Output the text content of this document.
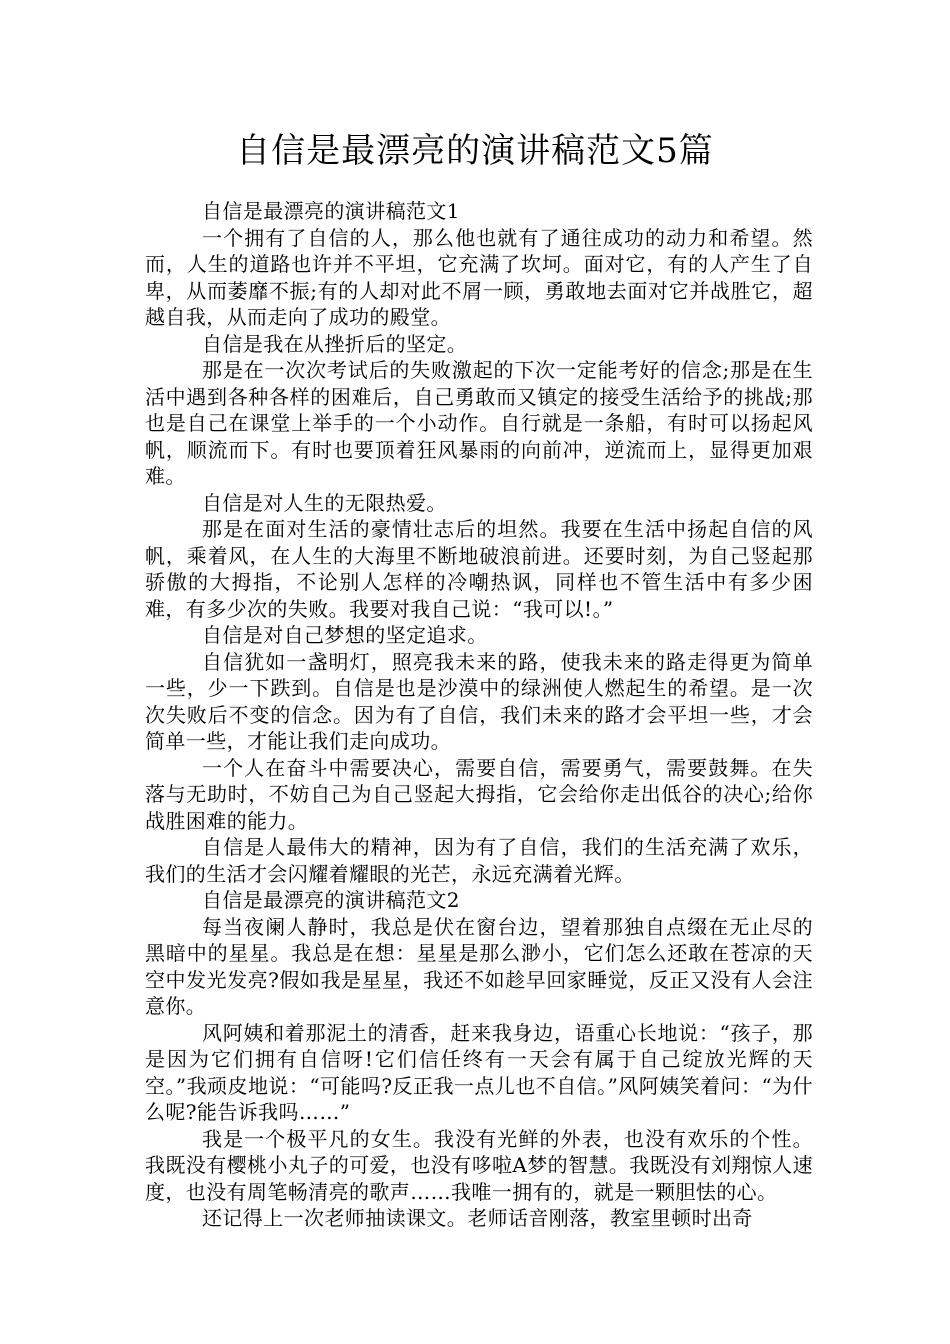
自信是最漂亮的演讲稿范文5篇

自信是最漂亮的演讲稿范文1

一个拥有了自信的人，那么他也就有了通往成功的动力和希望。然而，人生的道路也许并不平坦，它充满了坎坷。面对它，有的人产生了自卑，从而萎靡不振;有的人却对此不屑一顾，勇敢地去面对它并战胜它，超越自我，从而走向了成功的殿堂。

自信是我在从挫折后的坚定。

那是在一次次考试后的失败激起的下次一定能考好的信念;那是在生活中遇到各种各样的困难后，自己勇敢而又镇定的接受生活给予的挑战;那也是自己在课堂上举手的一个小动作。自行就是一条船，有时可以扬起风帆，顺流而下。有时也要顶着狂风暴雨的向前冲，逆流而上，显得更加艰难。

自信是对人生的无限热爱。

那是在面对生活的豪情壮志后的坦然。我要在生活中扬起自信的风帆，乘着风，在人生的大海里不断地破浪前进。还要时刻，为自己竖起那骄傲的大拇指，不论别人怎样的冷嘲热讽，同样也不管生活中有多少困难，有多少次的失败。我要对我自己说：“我可以!。”

自信是对自己梦想的坚定追求。

自信犹如一盏明灯，照亮我未来的路，使我未来的路走得更为简单一些，少一下跌到。自信是也是沙漠中的绿洲使人燃起生的希望。是一次次失败后不变的信念。因为有了自信，我们未来的路才会平坦一些，才会简单一些，才能让我们走向成功。

一个人在奋斗中需要决心，需要自信，需要勇气，需要鼓舞。在失落与无助时，不妨自己为自己竖起大拇指，它会给你走出低谷的决心;给你战胜困难的能力。

自信是人最伟大的精神，因为有了自信，我们的生活充满了欢乐，我们的生活才会闪耀着耀眼的光芒，永远充满着光辉。

自信是最漂亮的演讲稿范文2

每当夜阑人静时，我总是伏在窗台边，望着那独自点缀在无止尽的黑暗中的星星。我总是在想：星星是那么渺小，它们怎么还敢在苍凉的天空中发光发亮?假如我是星星，我还不如趁早回家睡觉，反正又没有人会注意你。

风阿姨和着那泥土的清香，赶来我身边，语重心长地说：“孩子，那是因为它们拥有自信呀!它们信任终有一天会有属于自己绽放光辉的天空。”我顽皮地说：“可能吗?反正我一点儿也不自信。”风阿姨笑着问：“为什么呢?能告诉我吗……”

我是一个极平凡的女生。我没有光鲜的外表，也没有欢乐的个性。我既没有樱桃小丸子的可爱，也没有哆啦A梦的智慧。我既没有刘翔惊人速度，也没有周笔畅清亮的歌声……我唯一拥有的，就是一颗胆怯的心。

还记得上一次老师抽读课文。老师话音刚落，教室里顿时出奇
